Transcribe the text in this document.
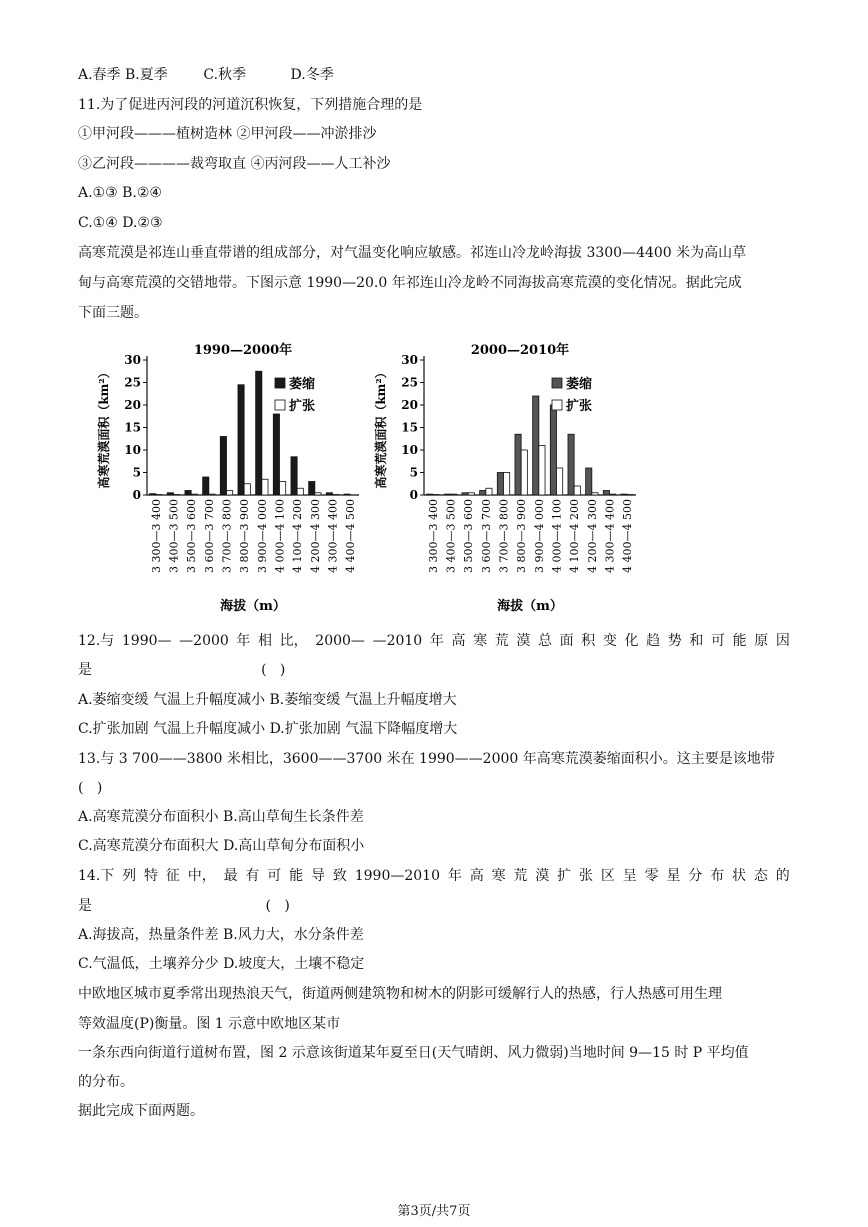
A.春季 B.夏季        C.秋季          D.冬季
11.为了促进丙河段的河道沉积恢复，下列措施合理的是
①甲河段———植树造林 ②甲河段——冲淤排沙
③乙河段————裁弯取直 ④丙河段——人工补沙
A.①③ B.②④
C.①④ D.②③
高寒荒漠是祁连山垂直带谱的组成部分，对气温变化响应敏感。祁连山冷龙岭海拔 3300—4400 米为高山草
甸与高寒荒漠的交错地带。下图示意 1990—20.0 年祁连山冷龙岭不同海拔高寒荒漠的变化情况。据此完成
下面三题。
1990—2000年
高寒荒漠面积（km²）
0
5
10
15
20
25
30
3 300—3 400 3 400—3 500 3 500—3 600 3 600—3 700 3 700—3 800 3 800—3 900 3 900—4 000 4 000—4 100 4 100—4 200 4 200—4 300 4 300—4 400 4 400—4 500
萎缩
扩张
海拔（m）
2000—2010年
高寒荒漠面积（km²）
0
5
10
15
20
25
30
3 300—3 400 3 400—3 500 3 500—3 600 3 600—3 700 3 700—3 800 3 800—3 900 3 900—4 000 4 000—4 100 4 100—4 200 4 200—4 300 4 300—4 400 4 400—4 500
萎缩
扩张
海拔（m）
12.与 1990— —2000 年 相 比， 2000— —2010 年 高 寒 荒 漠 总 面 积 变 化 趋 势 和 可 能 原 因
是                                      (   )
A.萎缩变缓 气温上升幅度减小 B.萎缩变缓 气温上升幅度增大
C.扩张加剧 气温上升幅度减小 D.扩张加剧 气温下降幅度增大
13.与 3 700——3800 米相比，3600——3700 米在 1990——2000 年高寒荒漠萎缩面积小。这主要是该地带
(   )
A.高寒荒漠分布面积小 B.高山草甸生长条件差
C.高寒荒漠分布面积大 D.高山草甸分布面积小
14.下 列 特 征 中， 最 有 可 能 导 致 1990—2010 年 高 寒 荒 漠 扩 张 区 呈 零 星 分 布 状 态 的
是                                       (   )
A.海拔高，热量条件差 B.风力大，水分条件差
C.气温低，土壤养分少 D.坡度大，土壤不稳定
中欧地区城市夏季常出现热浪天气，街道两侧建筑物和树木的阴影可缓解行人的热感，行人热感可用生理
等效温度(P)衡量。图 1 示意中欧地区某市
一条东西向街道行道树布置，图 2 示意该街道某年夏至日(天气晴朗、风力微弱)当地时间 9—15 时 P 平均值
的分布。
据此完成下面两题。
第3页/共7页
